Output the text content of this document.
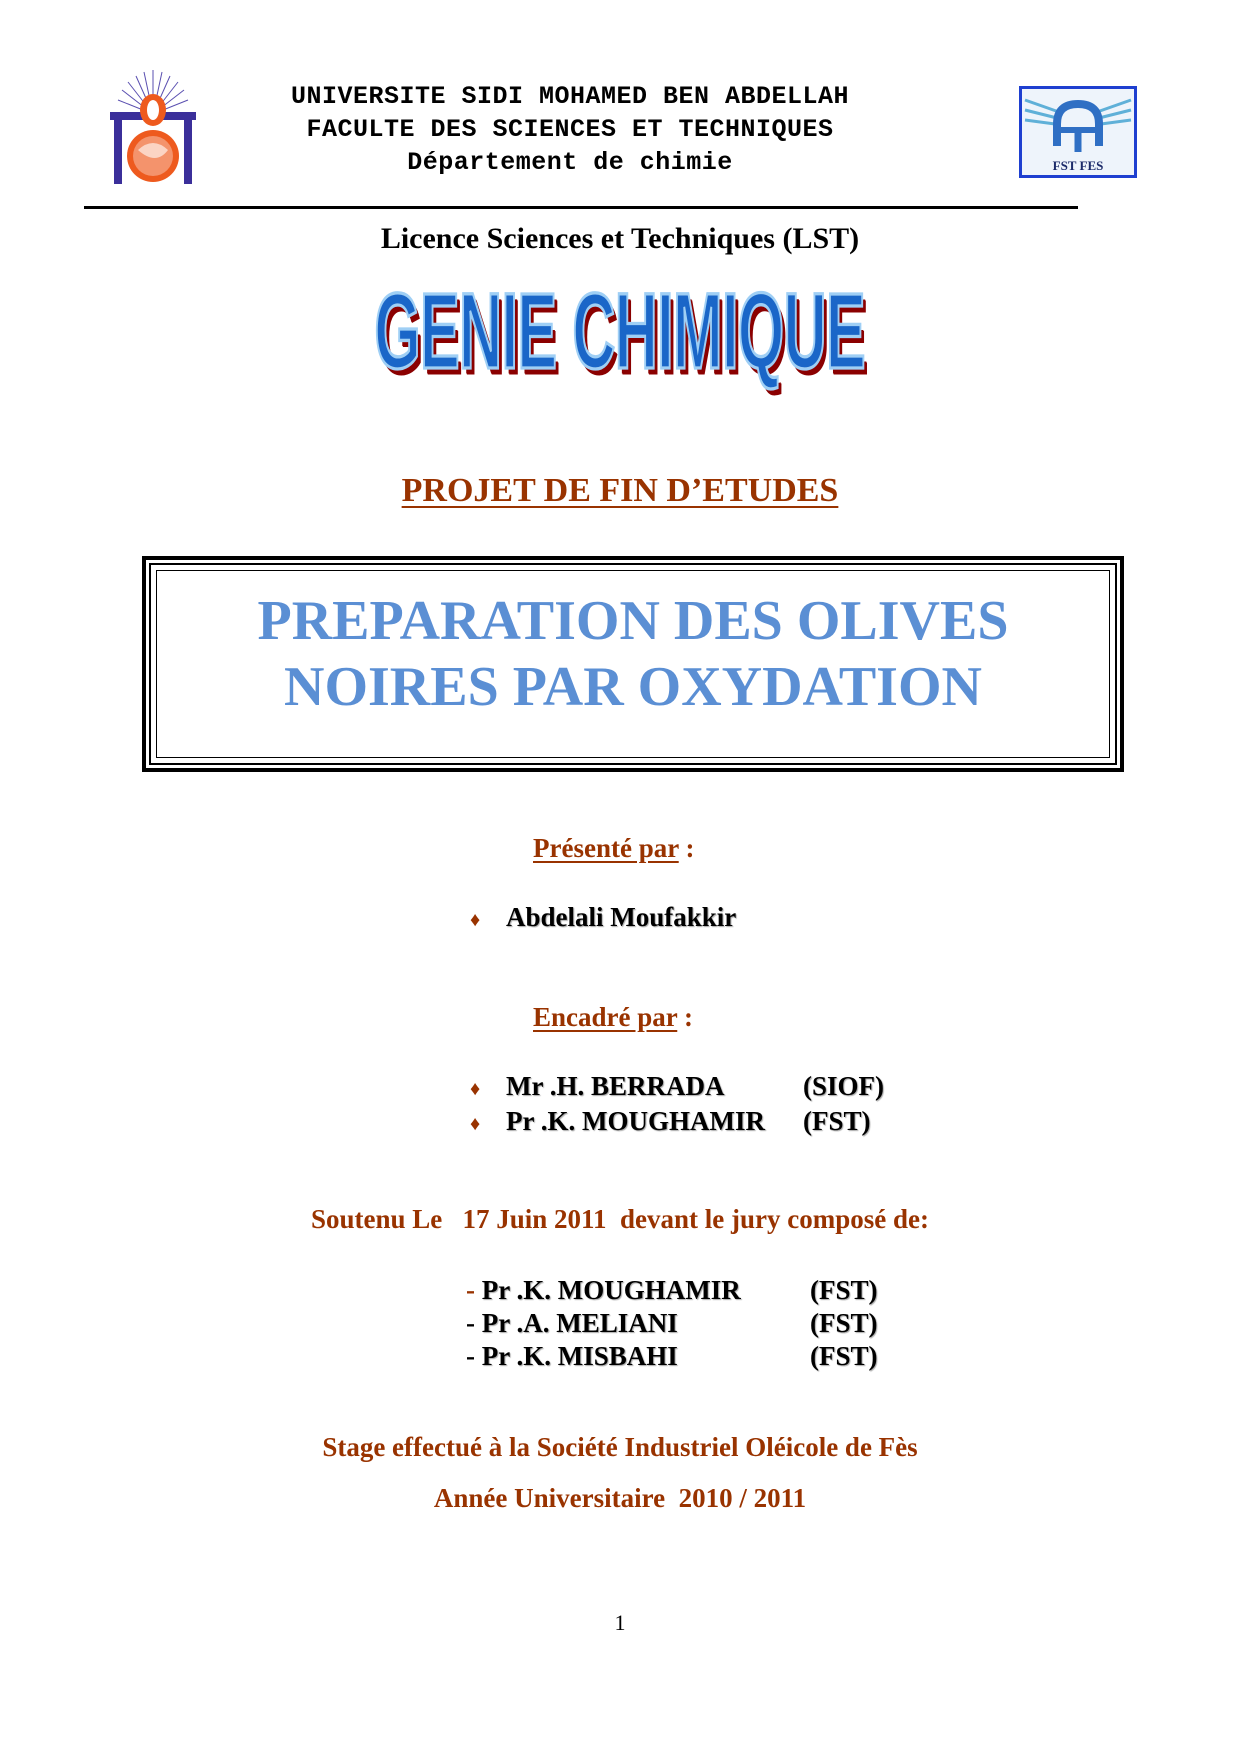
UNIVERSITE SIDI MOHAMED BEN ABDELLAH
FACULTE DES SCIENCES ET TECHNIQUES
Département de chimie	FST FES
Licence Sciences et Techniques (LST)
GENIE CHIMIQUE
PROJET DE FIN D’ETUDES
PREPARATION DES OLIVES
NOIRES PAR OXYDATION
Présenté par :
♦ Abdelali Moufakkir
Encadré par :
♦ Mr .H. BERRADA	(SIOF)
♦ Pr .K. MOUGHAMIR (FST)
Soutenu Le   17 Juin 2011  devant le jury composé de:
- Pr .K. MOUGHAMIR	(FST)
- Pr .A. MELIANI	(FST)
- Pr .K. MISBAHI	(FST)
Stage effectué à la Société Industriel Oléicole de Fès
Année Universitaire  2010 / 2011
1
